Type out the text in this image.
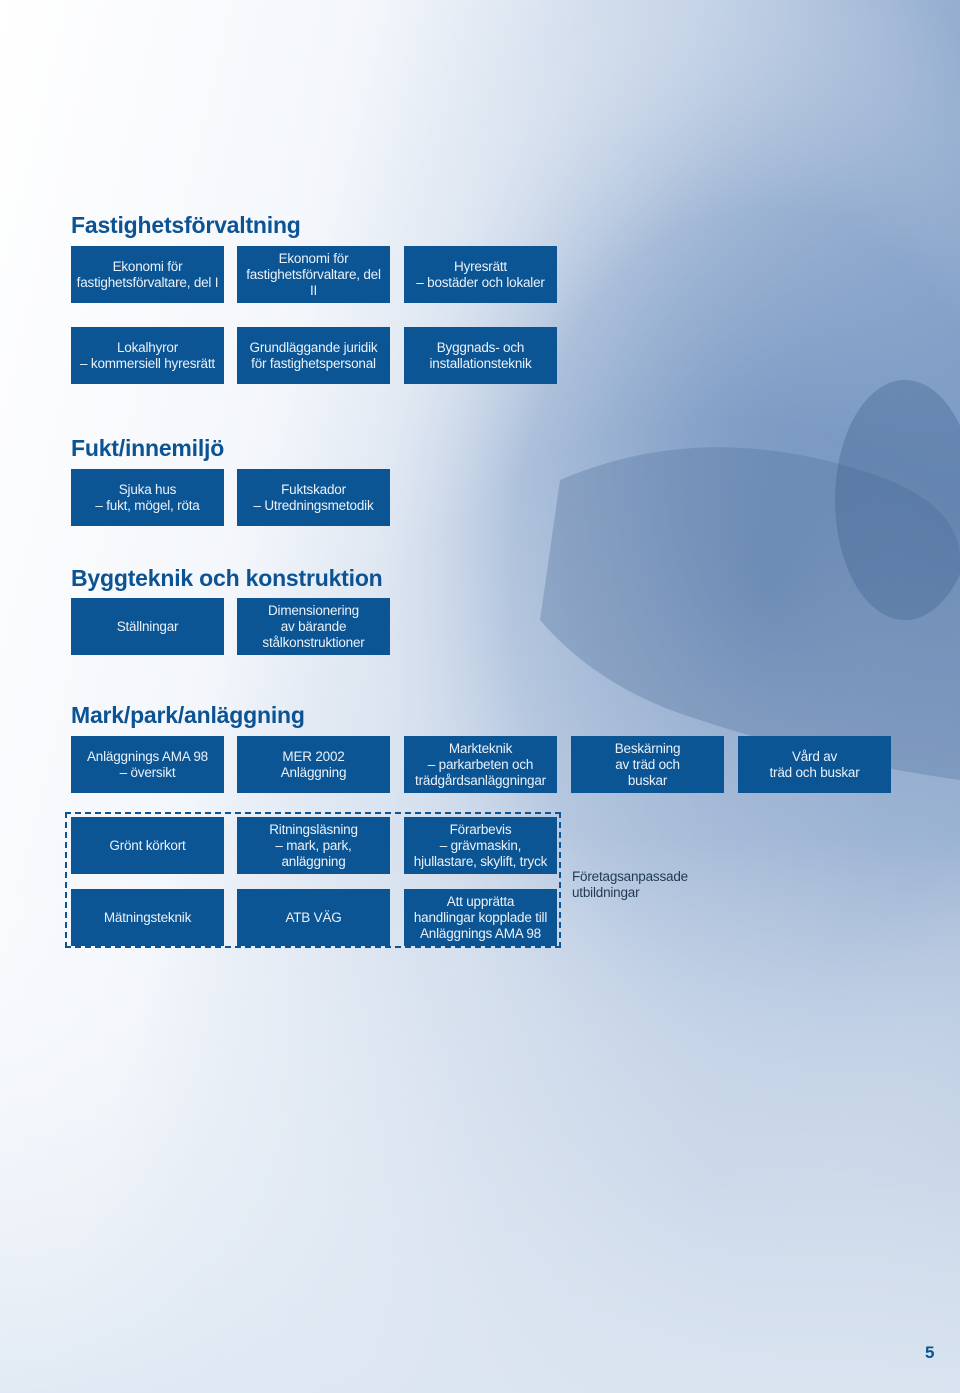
Fastighetsförvaltning
Ekonomi för
fastighetsförvaltare, del I
Ekonomi för
fastighetsförvaltare, del II
Hyresrätt
– bostäder och lokaler
Lokalhyror
– kommersiell hyresrätt
Grundläggande juridik
för fastighetspersonal
Byggnads- och
installationsteknik
Fukt/innemiljö
Sjuka hus
– fukt, mögel, röta
Fuktskador
– Utredningsmetodik
Byggteknik och konstruktion
Ställningar
Dimensionering
av bärande
stålkonstruktioner
Mark/park/anläggning
Anläggnings AMA 98
– översikt
MER 2002
Anläggning
Markteknik
– parkarbeten och
trädgårdsanläggningar
Beskärning
av träd och
buskar
Vård av
träd och buskar
Grönt körkort
Ritningsläsning
– mark, park,
anläggning
Förarbevis
– grävmaskin,
hjullastare, skylift, tryck
Mätningsteknik	ATB VÄG
Att upprätta
handlingar kopplade till
Anläggnings AMA 98
Företagsanpassade
utbildningar
5
